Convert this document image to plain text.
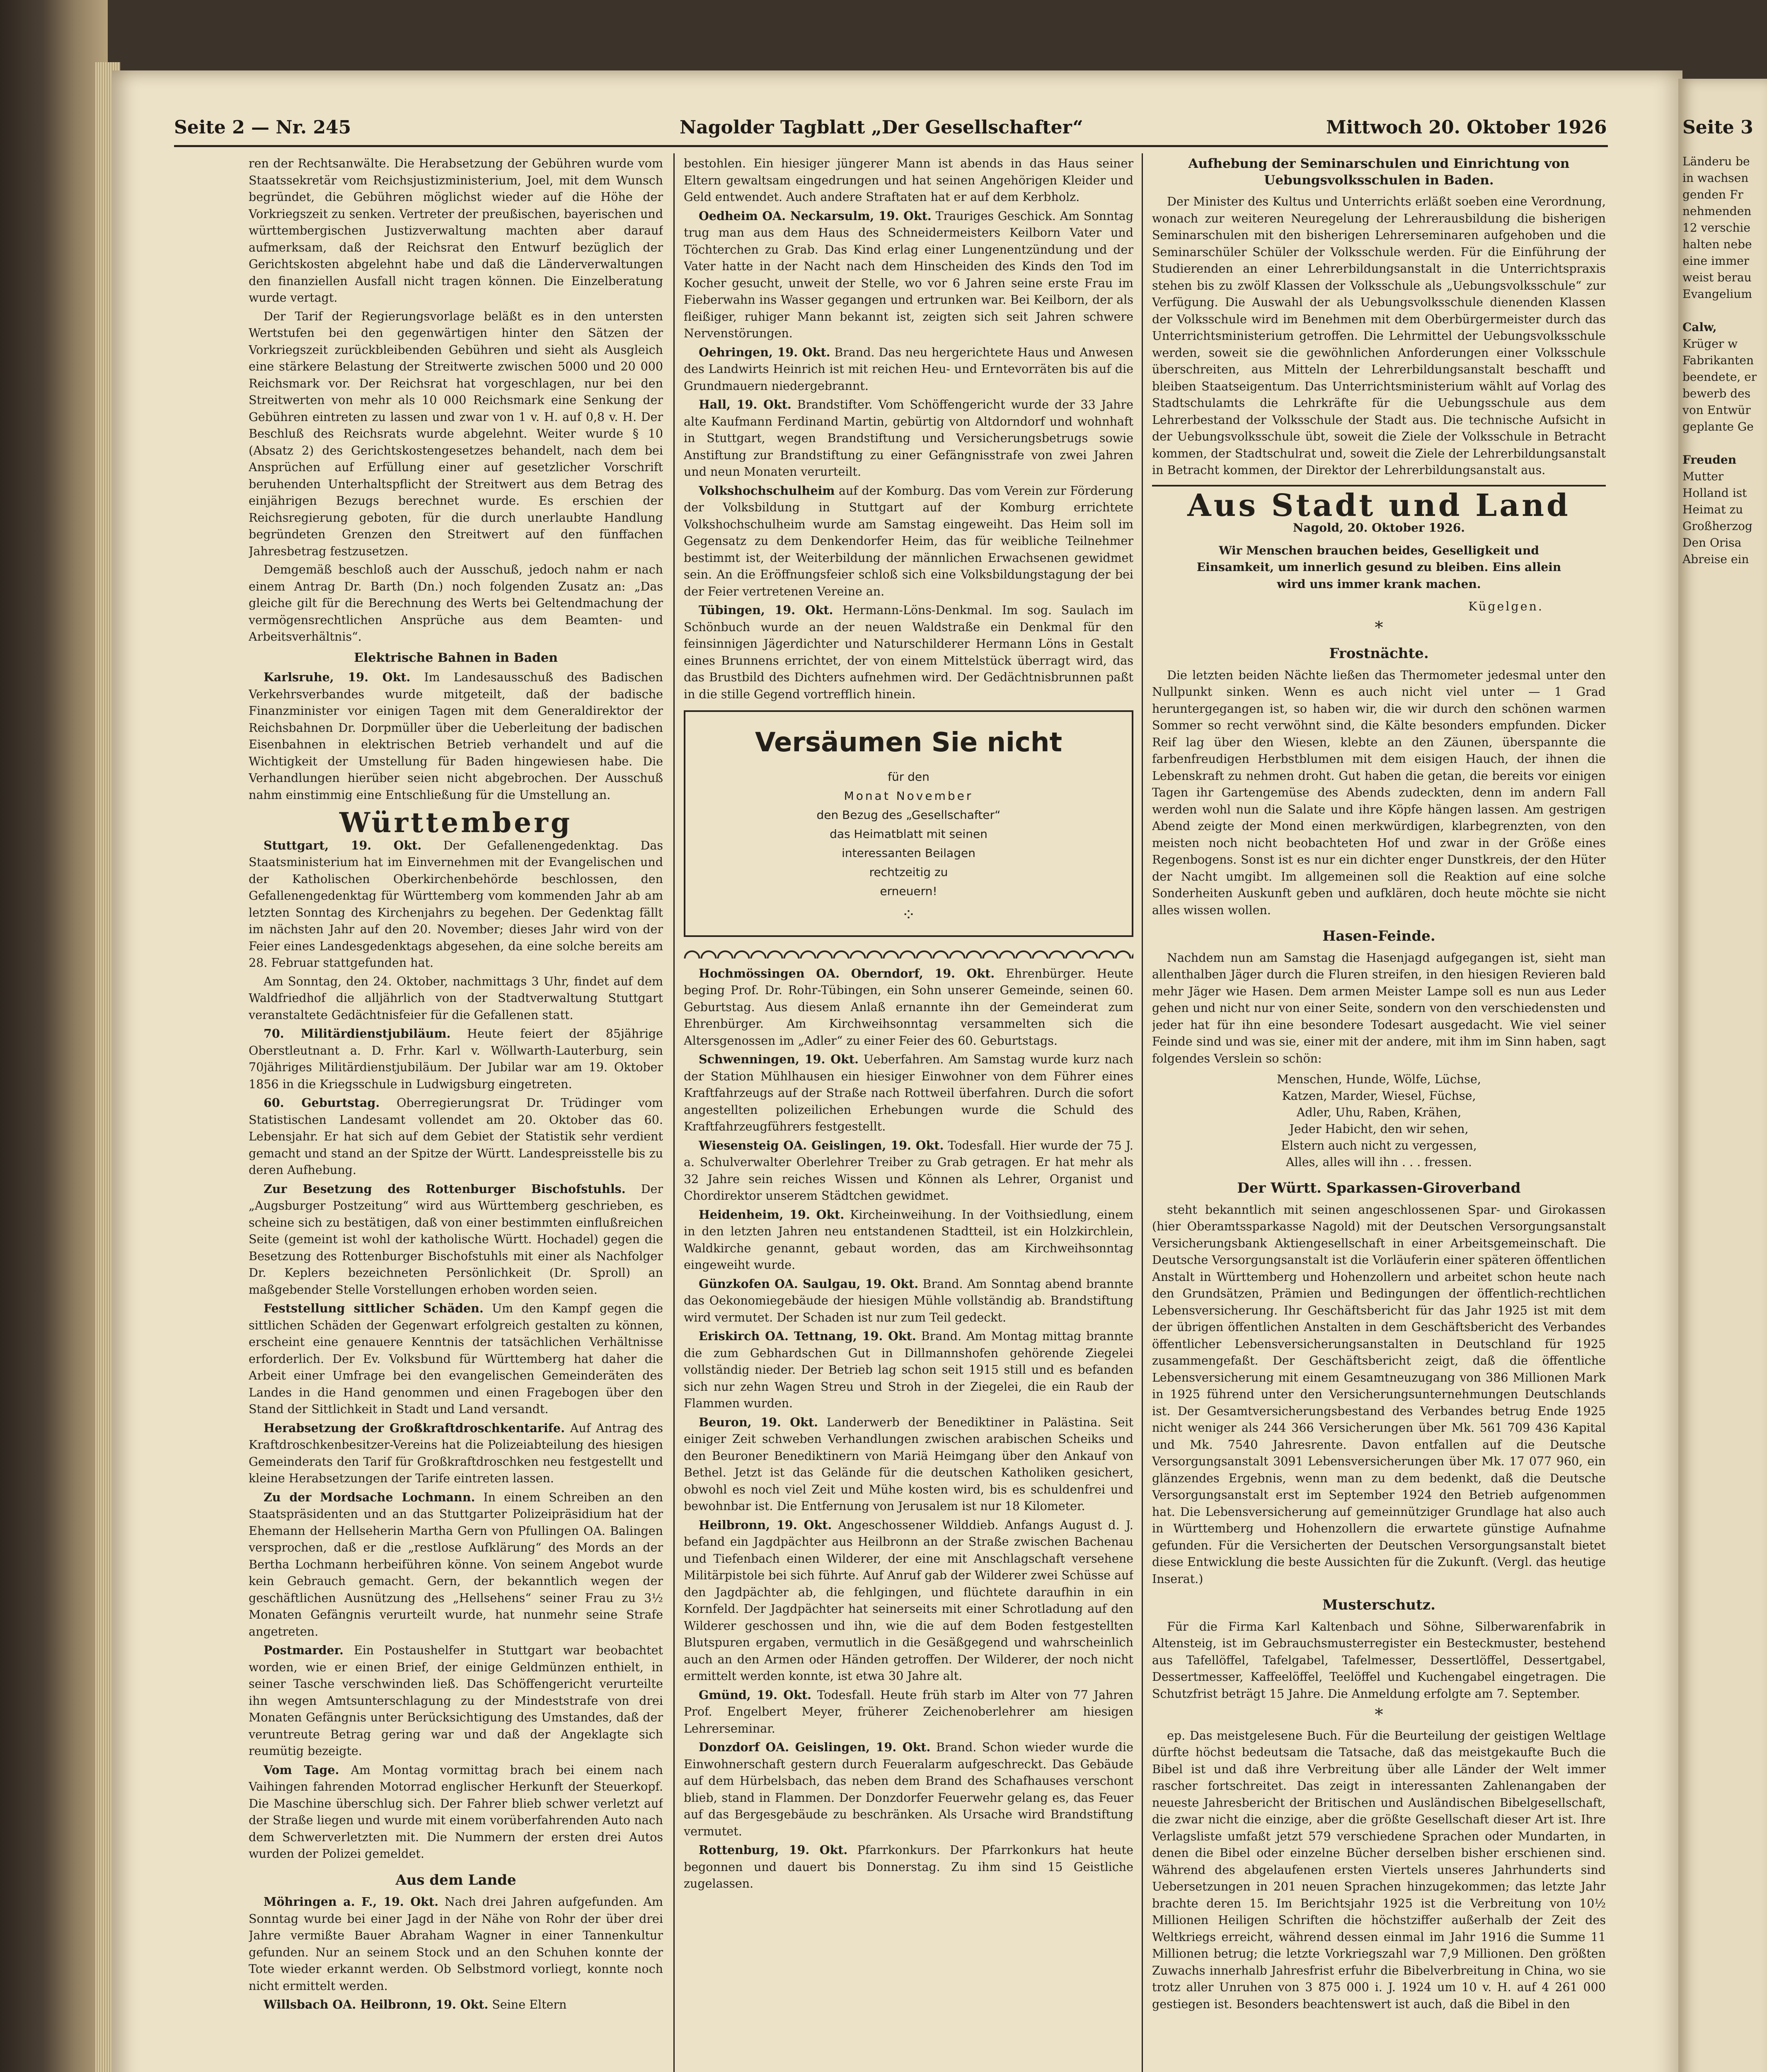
Seite 3
Länderu be
in wachsen
genden Fr
nehmenden
12 verschie
halten nebe
eine immer
weist berau
Evangelium

Calw,
Krüger w
Fabrikanten
beendete, er
bewerb des
von Entwür
geplante Ge

Freuden
Mutter
Holland ist
Heimat zu
Großherzog
Den Orisa
Abreise ein
Seite 2 — Nr. 245	Nagolder Tagblatt „Der Gesellschafter“	Mittwoch 20. Oktober 1926

ren der Rechtsanwälte. Die Herabsetzung der Gebühren wurde vom Staatssekretär vom Reichsjustizministerium, Joel, mit dem Wunsch begründet, die Gebühren möglichst wieder auf die Höhe der Vorkriegszeit zu senken. Vertreter der preußischen, bayerischen und württembergischen Justizverwaltung machten aber darauf aufmerksam, daß der Reichsrat den Entwurf bezüglich der Gerichtskosten abgelehnt habe und daß die Länderverwaltungen den finanziellen Ausfall nicht tragen können. Die Einzelberatung wurde vertagt.

Der Tarif der Regierungsvorlage beläßt es in den untersten Wertstufen bei den gegenwärtigen hinter den Sätzen der Vorkriegszeit zurückbleibenden Gebühren und sieht als Ausgleich eine stärkere Belastung der Streitwerte zwischen 5000 und 20 000 Reichsmark vor. Der Reichsrat hat vorgeschlagen, nur bei den Streitwerten von mehr als 10 000 Reichsmark eine Senkung der Gebühren eintreten zu lassen und zwar von 1 v. H. auf 0,8 v. H. Der Beschluß des Reichsrats wurde abgelehnt. Weiter wurde § 10 (Absatz 2) des Gerichtskostengesetzes behandelt, nach dem bei Ansprüchen auf Erfüllung einer auf gesetzlicher Vorschrift beruhenden Unterhaltspflicht der Streitwert aus dem Betrag des einjährigen Bezugs berechnet wurde. Es erschien der Reichsregierung geboten, für die durch unerlaubte Handlung begründeten Grenzen den Streitwert auf den fünffachen Jahresbetrag festzusetzen.

Demgemäß beschloß auch der Ausschuß, jedoch nahm er nach einem Antrag Dr. Barth (Dn.) noch folgenden Zusatz an: „Das gleiche gilt für die Berechnung des Werts bei Geltendmachung der vermögensrechtlichen Ansprüche aus dem Beamten- und Arbeitsverhältnis“.

Elektrische Bahnen in Baden

Karlsruhe, 19. Okt. Im Landesausschuß des Badischen Verkehrsverbandes wurde mitgeteilt, daß der badische Finanzminister vor einigen Tagen mit dem Generaldirektor der Reichsbahnen Dr. Dorpmüller über die Ueberleitung der badischen Eisenbahnen in elektrischen Betrieb verhandelt und auf die Wichtigkeit der Umstellung für Baden hingewiesen habe. Die Verhandlungen hierüber seien nicht abgebrochen. Der Ausschuß nahm einstimmig eine Entschließung für die Umstellung an.

Württemberg

Stuttgart, 19. Okt. Der Gefallenengedenktag. Das Staatsministerium hat im Einvernehmen mit der Evangelischen und der Katholischen Oberkirchenbehörde beschlossen, den Gefallenengedenktag für Württemberg vom kommenden Jahr ab am letzten Sonntag des Kirchenjahrs zu begehen. Der Gedenktag fällt im nächsten Jahr auf den 20. November; dieses Jahr wird von der Feier eines Landesgedenktags abgesehen, da eine solche bereits am 28. Februar stattgefunden hat.

Am Sonntag, den 24. Oktober, nachmittags 3 Uhr, findet auf dem Waldfriedhof die alljährlich von der Stadtverwaltung Stuttgart veranstaltete Gedächtnisfeier für die Gefallenen statt.

70. Militärdienstjubiläum. Heute feiert der 85jährige Oberstleutnant a. D. Frhr. Karl v. Wöllwarth-Lauterburg, sein 70jähriges Militärdienstjubiläum. Der Jubilar war am 19. Oktober 1856 in die Kriegsschule in Ludwigsburg eingetreten.

60. Geburtstag. Oberregierungsrat Dr. Trüdinger vom Statistischen Landesamt vollendet am 20. Oktober das 60. Lebensjahr. Er hat sich auf dem Gebiet der Statistik sehr verdient gemacht und stand an der Spitze der Württ. Landespreisstelle bis zu deren Aufhebung.

Zur Besetzung des Rottenburger Bischofstuhls. Der „Augsburger Postzeitung“ wird aus Württemberg geschrieben, es scheine sich zu bestätigen, daß von einer bestimmten einflußreichen Seite (gemeint ist wohl der katholische Württ. Hochadel) gegen die Besetzung des Rottenburger Bischofstuhls mit einer als Nachfolger Dr. Keplers bezeichneten Persönlichkeit (Dr. Sproll) an maßgebender Stelle Vorstellungen erhoben worden seien.

Feststellung sittlicher Schäden. Um den Kampf gegen die sittlichen Schäden der Gegenwart erfolgreich gestalten zu können, erscheint eine genauere Kenntnis der tatsächlichen Verhältnisse erforderlich. Der Ev. Volksbund für Württemberg hat daher die Arbeit einer Umfrage bei den evangelischen Gemeinderäten des Landes in die Hand genommen und einen Fragebogen über den Stand der Sittlichkeit in Stadt und Land versandt.

Herabsetzung der Großkraftdroschkentarife. Auf Antrag des Kraftdroschkenbesitzer-Vereins hat die Polizeiabteilung des hiesigen Gemeinderats den Tarif für Großkraftdroschken neu festgestellt und kleine Herabsetzungen der Tarife eintreten lassen.

Zu der Mordsache Lochmann. In einem Schreiben an den Staatspräsidenten und an das Stuttgarter Polizeipräsidium hat der Ehemann der Hellseherin Martha Gern von Pfullingen OA. Balingen versprochen, daß er die „restlose Aufklärung“ des Mords an der Bertha Lochmann herbeiführen könne. Von seinem Angebot wurde kein Gebrauch gemacht. Gern, der bekanntlich wegen der geschäftlichen Ausnützung des „Hellsehens“ seiner Frau zu 3½ Monaten Gefängnis verurteilt wurde, hat nunmehr seine Strafe angetreten.

Postmarder. Ein Postaushelfer in Stuttgart war beobachtet worden, wie er einen Brief, der einige Geldmünzen enthielt, in seiner Tasche verschwinden ließ. Das Schöffengericht verurteilte ihn wegen Amtsunterschlagung zu der Mindeststrafe von drei Monaten Gefängnis unter Berücksichtigung des Umstandes, daß der veruntreute Betrag gering war und daß der Angeklagte sich reumütig bezeigte.

Vom Tage. Am Montag vormittag brach bei einem nach Vaihingen fahrenden Motorrad englischer Herkunft der Steuerkopf. Die Maschine überschlug sich. Der Fahrer blieb schwer verletzt auf der Straße liegen und wurde mit einem vorüberfahrenden Auto nach dem Schwerverletzten mit. Die Nummern der ersten drei Autos wurden der Polizei gemeldet.

Aus dem Lande

Möhringen a. F., 19. Okt. Nach drei Jahren aufgefunden. Am Sonntag wurde bei einer Jagd in der Nähe von Rohr der über drei Jahre vermißte Bauer Abraham Wagner in einer Tannenkultur gefunden. Nur an seinem Stock und an den Schuhen konnte der Tote wieder erkannt werden. Ob Selbstmord vorliegt, konnte noch nicht ermittelt werden.

Willsbach OA. Heilbronn, 19. Okt. Seine Eltern

bestohlen. Ein hiesiger jüngerer Mann ist abends in das Haus seiner Eltern gewaltsam eingedrungen und hat seinen Angehörigen Kleider und Geld entwendet. Auch andere Straftaten hat er auf dem Kerbholz.

Oedheim OA. Neckarsulm, 19. Okt. Trauriges Geschick. Am Sonntag trug man aus dem Haus des Schneidermeisters Keilborn Vater und Töchterchen zu Grab. Das Kind erlag einer Lungenentzündung und der Vater hatte in der Nacht nach dem Hinscheiden des Kinds den Tod im Kocher gesucht, unweit der Stelle, wo vor 6 Jahren seine erste Frau im Fieberwahn ins Wasser gegangen und ertrunken war. Bei Keilborn, der als fleißiger, ruhiger Mann bekannt ist, zeigten sich seit Jahren schwere Nervenstörungen.

Oehringen, 19. Okt. Brand. Das neu hergerichtete Haus und Anwesen des Landwirts Heinrich ist mit reichen Heu- und Erntevorräten bis auf die Grundmauern niedergebrannt.

Hall, 19. Okt. Brandstifter. Vom Schöffengericht wurde der 33 Jahre alte Kaufmann Ferdinand Martin, gebürtig von Altdorndorf und wohnhaft in Stuttgart, wegen Brandstiftung und Versicherungsbetrugs sowie Anstiftung zur Brandstiftung zu einer Gefängnisstrafe von zwei Jahren und neun Monaten verurteilt.

Volkshochschulheim auf der Komburg. Das vom Verein zur Förderung der Volksbildung in Stuttgart auf der Komburg errichtete Volkshochschulheim wurde am Samstag eingeweiht. Das Heim soll im Gegensatz zu dem Denkendorfer Heim, das für weibliche Teilnehmer bestimmt ist, der Weiterbildung der männlichen Erwachsenen gewidmet sein. An die Eröffnungsfeier schloß sich eine Volksbildungstagung der bei der Feier vertretenen Vereine an.

Tübingen, 19. Okt. Hermann-Löns-Denkmal. Im sog. Saulach im Schönbuch wurde an der neuen Waldstraße ein Denkmal für den feinsinnigen Jägerdichter und Naturschilderer Hermann Löns in Gestalt eines Brunnens errichtet, der von einem Mittelstück überragt wird, das das Brustbild des Dichters aufnehmen wird. Der Gedächtnisbrunnen paßt in die stille Gegend vortrefflich hinein.

Versäumen Sie nicht
für den
Monat November
den Bezug des „Gesellschafter“
das Heimatblatt mit seinen
interessanten Beilagen
rechtzeitig zu
erneuern!
⁘

Hochmössingen OA. Oberndorf, 19. Okt. Ehrenbürger. Heute beging Prof. Dr. Rohr-Tübingen, ein Sohn unserer Gemeinde, seinen 60. Geburtstag. Aus diesem Anlaß ernannte ihn der Gemeinderat zum Ehrenbürger. Am Kirchweihsonntag versammelten sich die Altersgenossen im „Adler“ zu einer Feier des 60. Geburtstags.

Schwenningen, 19. Okt. Ueberfahren. Am Samstag wurde kurz nach der Station Mühlhausen ein hiesiger Einwohner von dem Führer eines Kraftfahrzeugs auf der Straße nach Rottweil überfahren. Durch die sofort angestellten polizeilichen Erhebungen wurde die Schuld des Kraftfahrzeugführers festgestellt.

Wiesensteig OA. Geislingen, 19. Okt. Todesfall. Hier wurde der 75 J. a. Schulverwalter Oberlehrer Treiber zu Grab getragen. Er hat mehr als 32 Jahre sein reiches Wissen und Können als Lehrer, Organist und Chordirektor unserem Städtchen gewidmet.

Heidenheim, 19. Okt. Kircheinweihung. In der Voithsiedlung, einem in den letzten Jahren neu entstandenen Stadtteil, ist ein Holzkirchlein, Waldkirche genannt, gebaut worden, das am Kirchweihsonntag eingeweiht wurde.

Günzkofen OA. Saulgau, 19. Okt. Brand. Am Sonntag abend brannte das Oekonomiegebäude der hiesigen Mühle vollständig ab. Brandstiftung wird vermutet. Der Schaden ist nur zum Teil gedeckt.

Eriskirch OA. Tettnang, 19. Okt. Brand. Am Montag mittag brannte die zum Gebhardschen Gut in Dillmannshofen gehörende Ziegelei vollständig nieder. Der Betrieb lag schon seit 1915 still und es befanden sich nur zehn Wagen Streu und Stroh in der Ziegelei, die ein Raub der Flammen wurden.

Beuron, 19. Okt. Landerwerb der Benediktiner in Palästina. Seit einiger Zeit schweben Verhandlungen zwischen arabischen Scheiks und den Beuroner Benediktinern von Mariä Heimgang über den Ankauf von Bethel. Jetzt ist das Gelände für die deutschen Katholiken gesichert, obwohl es noch viel Zeit und Mühe kosten wird, bis es schuldenfrei und bewohnbar ist. Die Entfernung von Jerusalem ist nur 18 Kilometer.

Heilbronn, 19. Okt. Angeschossener Wilddieb. Anfangs August d. J. befand ein Jagdpächter aus Heilbronn an der Straße zwischen Bachenau und Tiefenbach einen Wilderer, der eine mit Anschlagschaft versehene Militärpistole bei sich führte. Auf Anruf gab der Wilderer zwei Schüsse auf den Jagdpächter ab, die fehlgingen, und flüchtete daraufhin in ein Kornfeld. Der Jagdpächter hat seinerseits mit einer Schrotladung auf den Wilderer geschossen und ihn, wie die auf dem Boden festgestellten Blutspuren ergaben, vermutlich in die Gesäßgegend und wahrscheinlich auch an den Armen oder Händen getroffen. Der Wilderer, der noch nicht ermittelt werden konnte, ist etwa 30 Jahre alt.

Gmünd, 19. Okt. Todesfall. Heute früh starb im Alter von 77 Jahren Prof. Engelbert Meyer, früherer Zeichenoberlehrer am hiesigen Lehrerseminar.

Donzdorf OA. Geislingen, 19. Okt. Brand. Schon wieder wurde die Einwohnerschaft gestern durch Feueralarm aufgeschreckt. Das Gebäude auf dem Hürbelsbach, das neben dem Brand des Schafhauses verschont blieb, stand in Flammen. Der Donzdorfer Feuerwehr gelang es, das Feuer auf das Bergesgebäude zu beschränken. Als Ursache wird Brandstiftung vermutet.

Rottenburg, 19. Okt. Pfarrkonkurs. Der Pfarrkonkurs hat heute begonnen und dauert bis Donnerstag. Zu ihm sind 15 Geistliche zugelassen.

Aufhebung der Seminarschulen und Einrichtung von Uebungsvolksschulen in Baden.

Der Minister des Kultus und Unterrichts erläßt soeben eine Verordnung, wonach zur weiteren Neuregelung der Lehrerausbildung die bisherigen Seminarschulen mit den bisherigen Lehrerseminaren aufgehoben und die Seminarschüler Schüler der Volksschule werden. Für die Einführung der Studierenden an einer Lehrerbildungsanstalt in die Unterrichtspraxis stehen bis zu zwölf Klassen der Volksschule als „Uebungsvolksschule“ zur Verfügung. Die Auswahl der als Uebungsvolksschule dienenden Klassen der Volksschule wird im Benehmen mit dem Oberbürgermeister durch das Unterrichtsministerium getroffen. Die Lehrmittel der Uebungsvolksschule werden, soweit sie die gewöhnlichen Anforderungen einer Volksschule überschreiten, aus Mitteln der Lehrerbildungsanstalt beschafft und bleiben Staatseigentum. Das Unterrichtsministerium wählt auf Vorlag des Stadtschulamts die Lehrkräfte für die Uebungsschule aus dem Lehrerbestand der Volksschule der Stadt aus. Die technische Aufsicht in der Uebungsvolksschule übt, soweit die Ziele der Volksschule in Betracht kommen, der Stadtschulrat und, soweit die Ziele der Lehrerbildungsanstalt in Betracht kommen, der Direktor der Lehrerbildungsanstalt aus.

Aus Stadt und Land
Nagold, 20. Oktober 1926.
Wir Menschen brauchen beides, Geselligkeit und Einsamkeit, um innerlich gesund zu bleiben. Eins allein wird uns immer krank machen.
Kügelgen.
*
Frostnächte.

Die letzten beiden Nächte ließen das Thermometer jedesmal unter den Nullpunkt sinken. Wenn es auch nicht viel unter — 1 Grad heruntergegangen ist, so haben wir, die wir durch den schönen warmen Sommer so recht verwöhnt sind, die Kälte besonders empfunden. Dicker Reif lag über den Wiesen, klebte an den Zäunen, überspannte die farbenfreudigen Herbstblumen mit dem eisigen Hauch, der ihnen die Lebenskraft zu nehmen droht. Gut haben die getan, die bereits vor einigen Tagen ihr Gartengemüse des Abends zudeckten, denn im andern Fall werden wohl nun die Salate und ihre Köpfe hängen lassen. Am gestrigen Abend zeigte der Mond einen merkwürdigen, klarbegrenzten, von den meisten noch nicht beobachteten Hof und zwar in der Größe eines Regenbogens. Sonst ist es nur ein dichter enger Dunstkreis, der den Hüter der Nacht umgibt. Im allgemeinen soll die Reaktion auf eine solche Sonderheiten Auskunft geben und aufklären, doch heute möchte sie nicht alles wissen wollen.

Hasen-Feinde.

Nachdem nun am Samstag die Hasenjagd aufgegangen ist, sieht man allenthalben Jäger durch die Fluren streifen, in den hiesigen Revieren bald mehr Jäger wie Hasen. Dem armen Meister Lampe soll es nun aus Leder gehen und nicht nur von einer Seite, sondern von den verschiedensten und jeder hat für ihn eine besondere Todesart ausgedacht. Wie viel seiner Feinde sind und was sie, einer mit der andere, mit ihm im Sinn haben, sagt folgendes Verslein so schön:

Menschen, Hunde, Wölfe, Lüchse,
Katzen, Marder, Wiesel, Füchse,
Adler, Uhu, Raben, Krähen,
Jeder Habicht, den wir sehen,
Elstern auch nicht zu vergessen,
Alles, alles will ihn . . . fressen.
Der Württ. Sparkassen-Giroverband

steht bekanntlich mit seinen angeschlossenen Spar- und Girokassen (hier Oberamtssparkasse Nagold) mit der Deutschen Versorgungsanstalt Versicherungsbank Aktiengesellschaft in einer Arbeitsgemeinschaft. Die Deutsche Versorgungsanstalt ist die Vorläuferin einer späteren öffentlichen Anstalt in Württemberg und Hohenzollern und arbeitet schon heute nach den Grundsätzen, Prämien und Bedingungen der öffentlich-rechtlichen Lebensversicherung. Ihr Geschäftsbericht für das Jahr 1925 ist mit dem der übrigen öffentlichen Anstalten in dem Geschäftsbericht des Verbandes öffentlicher Lebensversicherungsanstalten in Deutschland für 1925 zusammengefaßt. Der Geschäftsbericht zeigt, daß die öffentliche Lebensversicherung mit einem Gesamtneuzugang von 386 Millionen Mark in 1925 führend unter den Versicherungsunternehmungen Deutschlands ist. Der Gesamtversicherungsbestand des Verbandes betrug Ende 1925 nicht weniger als 244 366 Versicherungen über Mk. 561 709 436 Kapital und Mk. 7540 Jahresrente. Davon entfallen auf die Deutsche Versorgungsanstalt 3091 Lebensversicherungen über Mk. 17 077 960, ein glänzendes Ergebnis, wenn man zu dem bedenkt, daß die Deutsche Versorgungsanstalt erst im September 1924 den Betrieb aufgenommen hat. Die Lebensversicherung auf gemeinnütziger Grundlage hat also auch in Württemberg und Hohenzollern die erwartete günstige Aufnahme gefunden. Für die Versicherten der Deutschen Versorgungsanstalt bietet diese Entwicklung die beste Aussichten für die Zukunft. (Vergl. das heutige Inserat.)

Musterschutz.

Für die Firma Karl Kaltenbach und Söhne, Silberwarenfabrik in Altensteig, ist im Gebrauchsmusterregister ein Besteckmuster, bestehend aus Tafellöffel, Tafelgabel, Tafelmesser, Dessertlöffel, Dessertgabel, Dessertmesser, Kaffeelöffel, Teelöffel und Kuchengabel eingetragen. Die Schutzfrist beträgt 15 Jahre. Die Anmeldung erfolgte am 7. September.

*

ep. Das meistgelesene Buch. Für die Beurteilung der geistigen Weltlage dürfte höchst bedeutsam die Tatsache, daß das meistgekaufte Buch die Bibel ist und daß ihre Verbreitung über alle Länder der Welt immer rascher fortschreitet. Das zeigt in interessanten Zahlenangaben der neueste Jahresbericht der Britischen und Ausländischen Bibelgesellschaft, die zwar nicht die einzige, aber die größte Gesellschaft dieser Art ist. Ihre Verlagsliste umfaßt jetzt 579 verschiedene Sprachen oder Mundarten, in denen die Bibel oder einzelne Bücher derselben bisher erschienen sind. Während des abgelaufenen ersten Viertels unseres Jahrhunderts sind Uebersetzungen in 201 neuen Sprachen hinzugekommen; das letzte Jahr brachte deren 15. Im Berichtsjahr 1925 ist die Verbreitung von 10½ Millionen Heiligen Schriften die höchstziffer außerhalb der Zeit des Weltkriegs erreicht, während dessen einmal im Jahr 1916 die Summe 11 Millionen betrug; die letzte Vorkriegszahl war 7,9 Millionen. Den größten Zuwachs innerhalb Jahresfrist erfuhr die Bibelverbreitung in China, wo sie trotz aller Unruhen von 3 875 000 i. J. 1924 um 10 v. H. auf 4 261 000 gestiegen ist. Besonders beachtenswert ist auch, daß die Bibel in den
